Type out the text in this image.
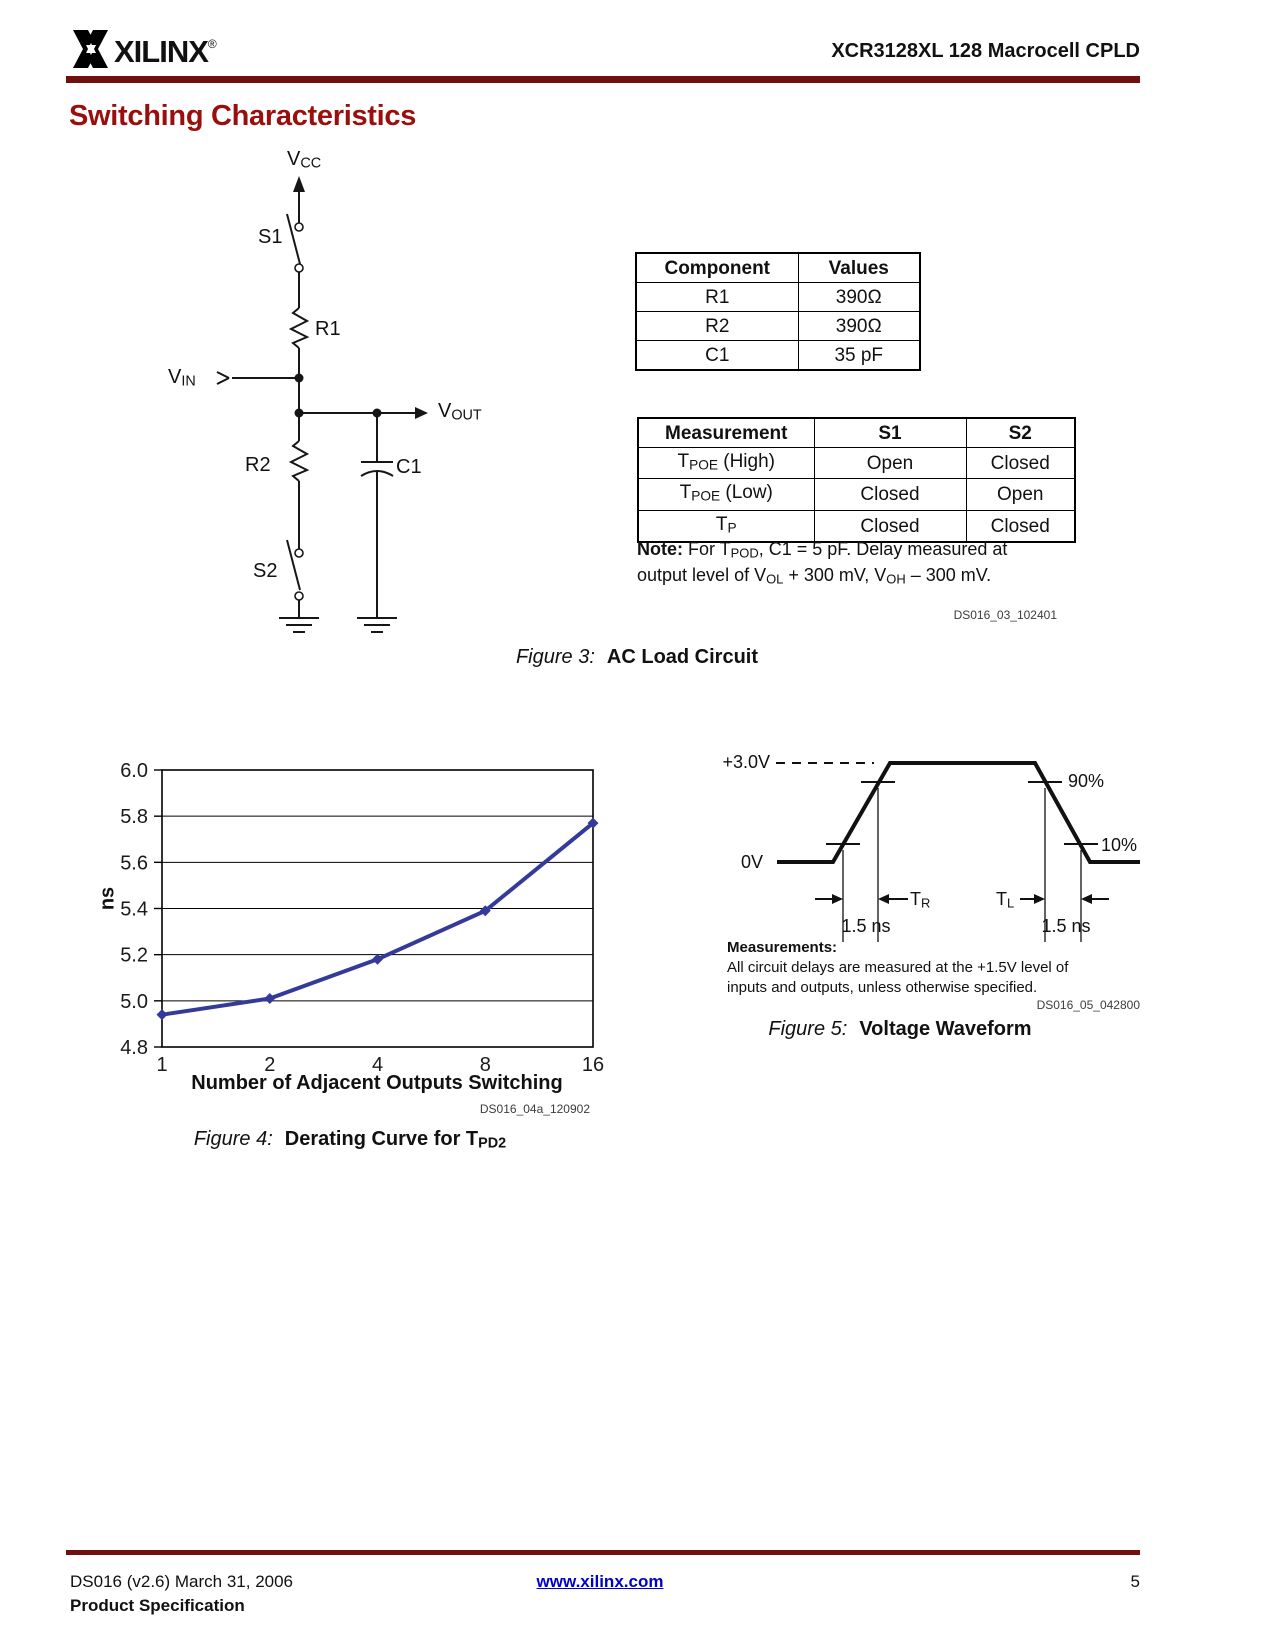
XILINX®	XCR3128XL 128 Macrocell CPLD
Switching Characteristics
VCC
S1
R1
VIN
VOUT
R2	C1
S2
Component	Values
R1	390Ω
R2	390Ω
C1	35 pF
Measurement	S1	S2
TPOE (High)	Open	Closed
TPOE (Low)	Closed	Open
TP	Closed	Closed
Note: For TPOD, C1 = 5 pF. Delay measured at output level of VOL + 300 mV, VOH – 300 mV.
DS016_03_102401
Figure 3: AC Load Circuit
4.8
5.0
5.2
5.4
5.6
5.8
6.0
1	2	4	8	16
ns
Number of Adjacent Outputs Switching
DS016_04a_120902
Figure 4: Derating Curve for TPD2
+3.0V
0V
90%
10%
TR	TL
1.5 ns	1.5 ns
Measurements:
All circuit delays are measured at the +1.5V level of
inputs and outputs, unless otherwise specified.
DS016_05_042800
Figure 5: Voltage Waveform
DS016 (v2.6) March 31, 2006
Product Specification
www.xilinx.com	5
